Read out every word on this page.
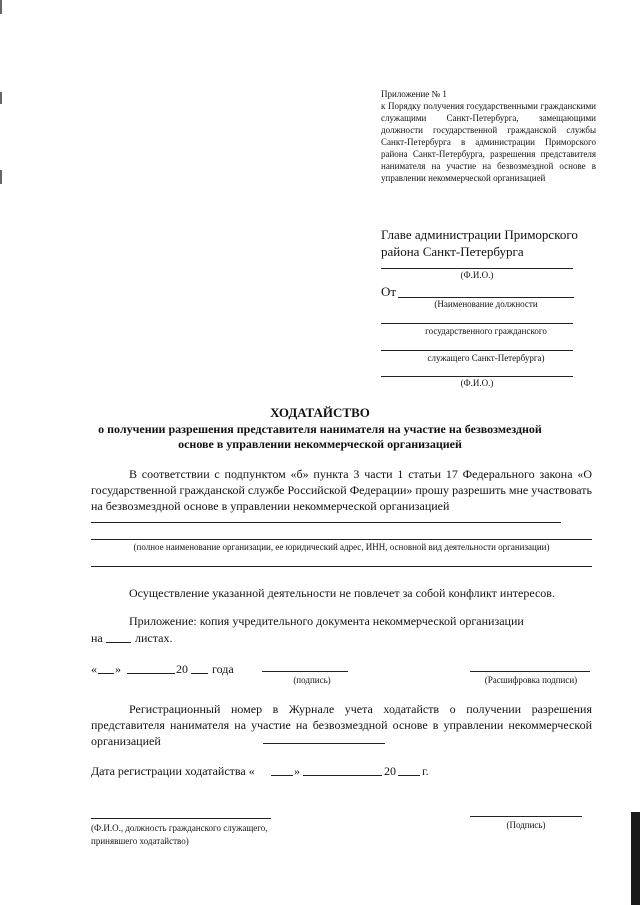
Приложение № 1
к Порядку получения государственными гражданскими служащими Санкт-Петербурга, замещающими должности государственной гражданской службы Санкт-Петербурга в администрации Приморского района Санкт-Петербурга, разрешения представителя нанимателя на участие на безвозмездной основе в управлении некоммерческой организацией
Главе администрации Приморского района Санкт-Петербурга
(Ф.И.О.)
От
(Наименование должности
государственного гражданского
служащего Санкт-Петербурга)
(Ф.И.О.)
ХОДАТАЙСТВО
о получении разрешения представителя нанимателя на участие на безвозмездной
основе в управлении некоммерческой организацией
В соответствии с подпунктом «б» пункта 3 части 1 статьи 17 Федерального закона «О государственной гражданской службе Российской Федерации» прошу разрешить мне участвовать на безвозмездной основе в управлении некоммерческой организацией
(полное наименование организации, ее юридический адрес, ИНН, основной вид деятельности организации)
Осуществление указанной деятельности не повлечет за собой конфликт интересов.
Приложение: копия учредительного документа некоммерческой организации
на	листах.
« »	20 года
(подпись)	(Расшифровка подписи)
Регистрационный номер в Журнале учета ходатайств о получении разрешения представителя нанимателя на участие на безвозмездной основе в управлении некоммерческой организацией
Дата регистрации ходатайства «	»	20 г.
(Ф.И.О., должность гражданского служащего, принявшего ходатайство)
(Подпись)
